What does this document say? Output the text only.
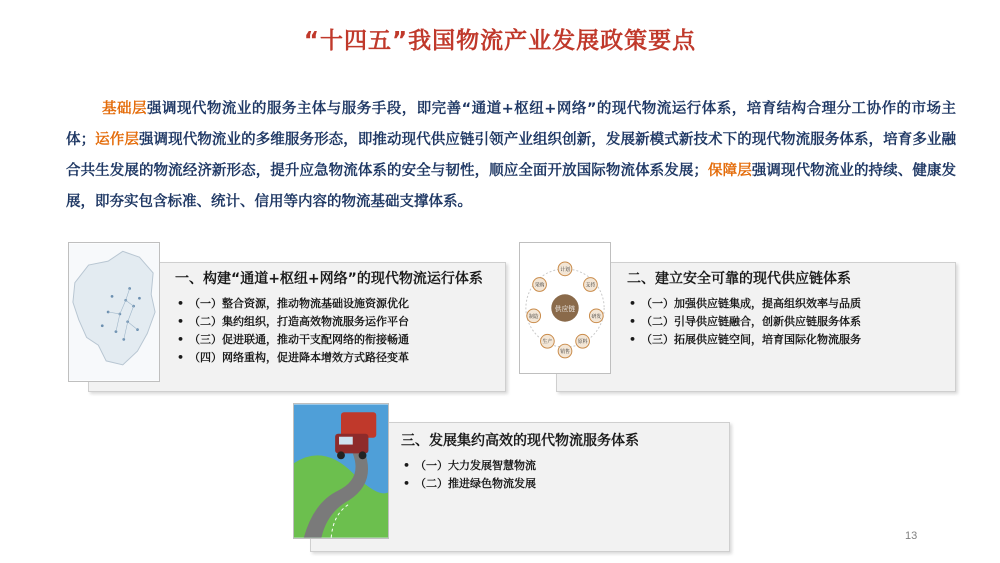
“十四五”我国物流产业发展政策要点
基础层强调现代物流业的服务主体与服务手段，即完善“通道+枢纽+网络”的现代物流运行体系，培育结构合理分工协作的市场主体；运作层强调现代物流业的多维服务形态，即推动现代供应链引领产业组织创新，发展新模式新技术下的现代物流服务体系，培育多业融合共生发展的物流经济新形态，提升应急物流体系的安全与韧性，顺应全面开放国际物流体系发展；保障层强调现代物流业的持续、健康发展，即夯实包含标准、统计、信用等内容的物流基础支撑体系。
一、构建“通道+枢纽+网络”的现代物流运行体系
• （一）整合资源，推动物流基础设施资源优化
• （二）集约组织，打造高效物流服务运作平台
• （三）促进联通，推动干支配网络的衔接畅通
• （四）网络重构，促进降本增效方式路径变革
二、建立安全可靠的现代供应链体系
• （一）加强供应链集成，提高组织效率与品质
• （二）引导供应链融合，创新供应链服务体系
• （三）拓展供应链空间，培育国际化物流服务
三、发展集约高效的现代物流服务体系
• （一）大力发展智慧物流
• （二）推进绿色物流发展
供应链
计划
采购	支持
制造	研发
生产	原料
销售
13
